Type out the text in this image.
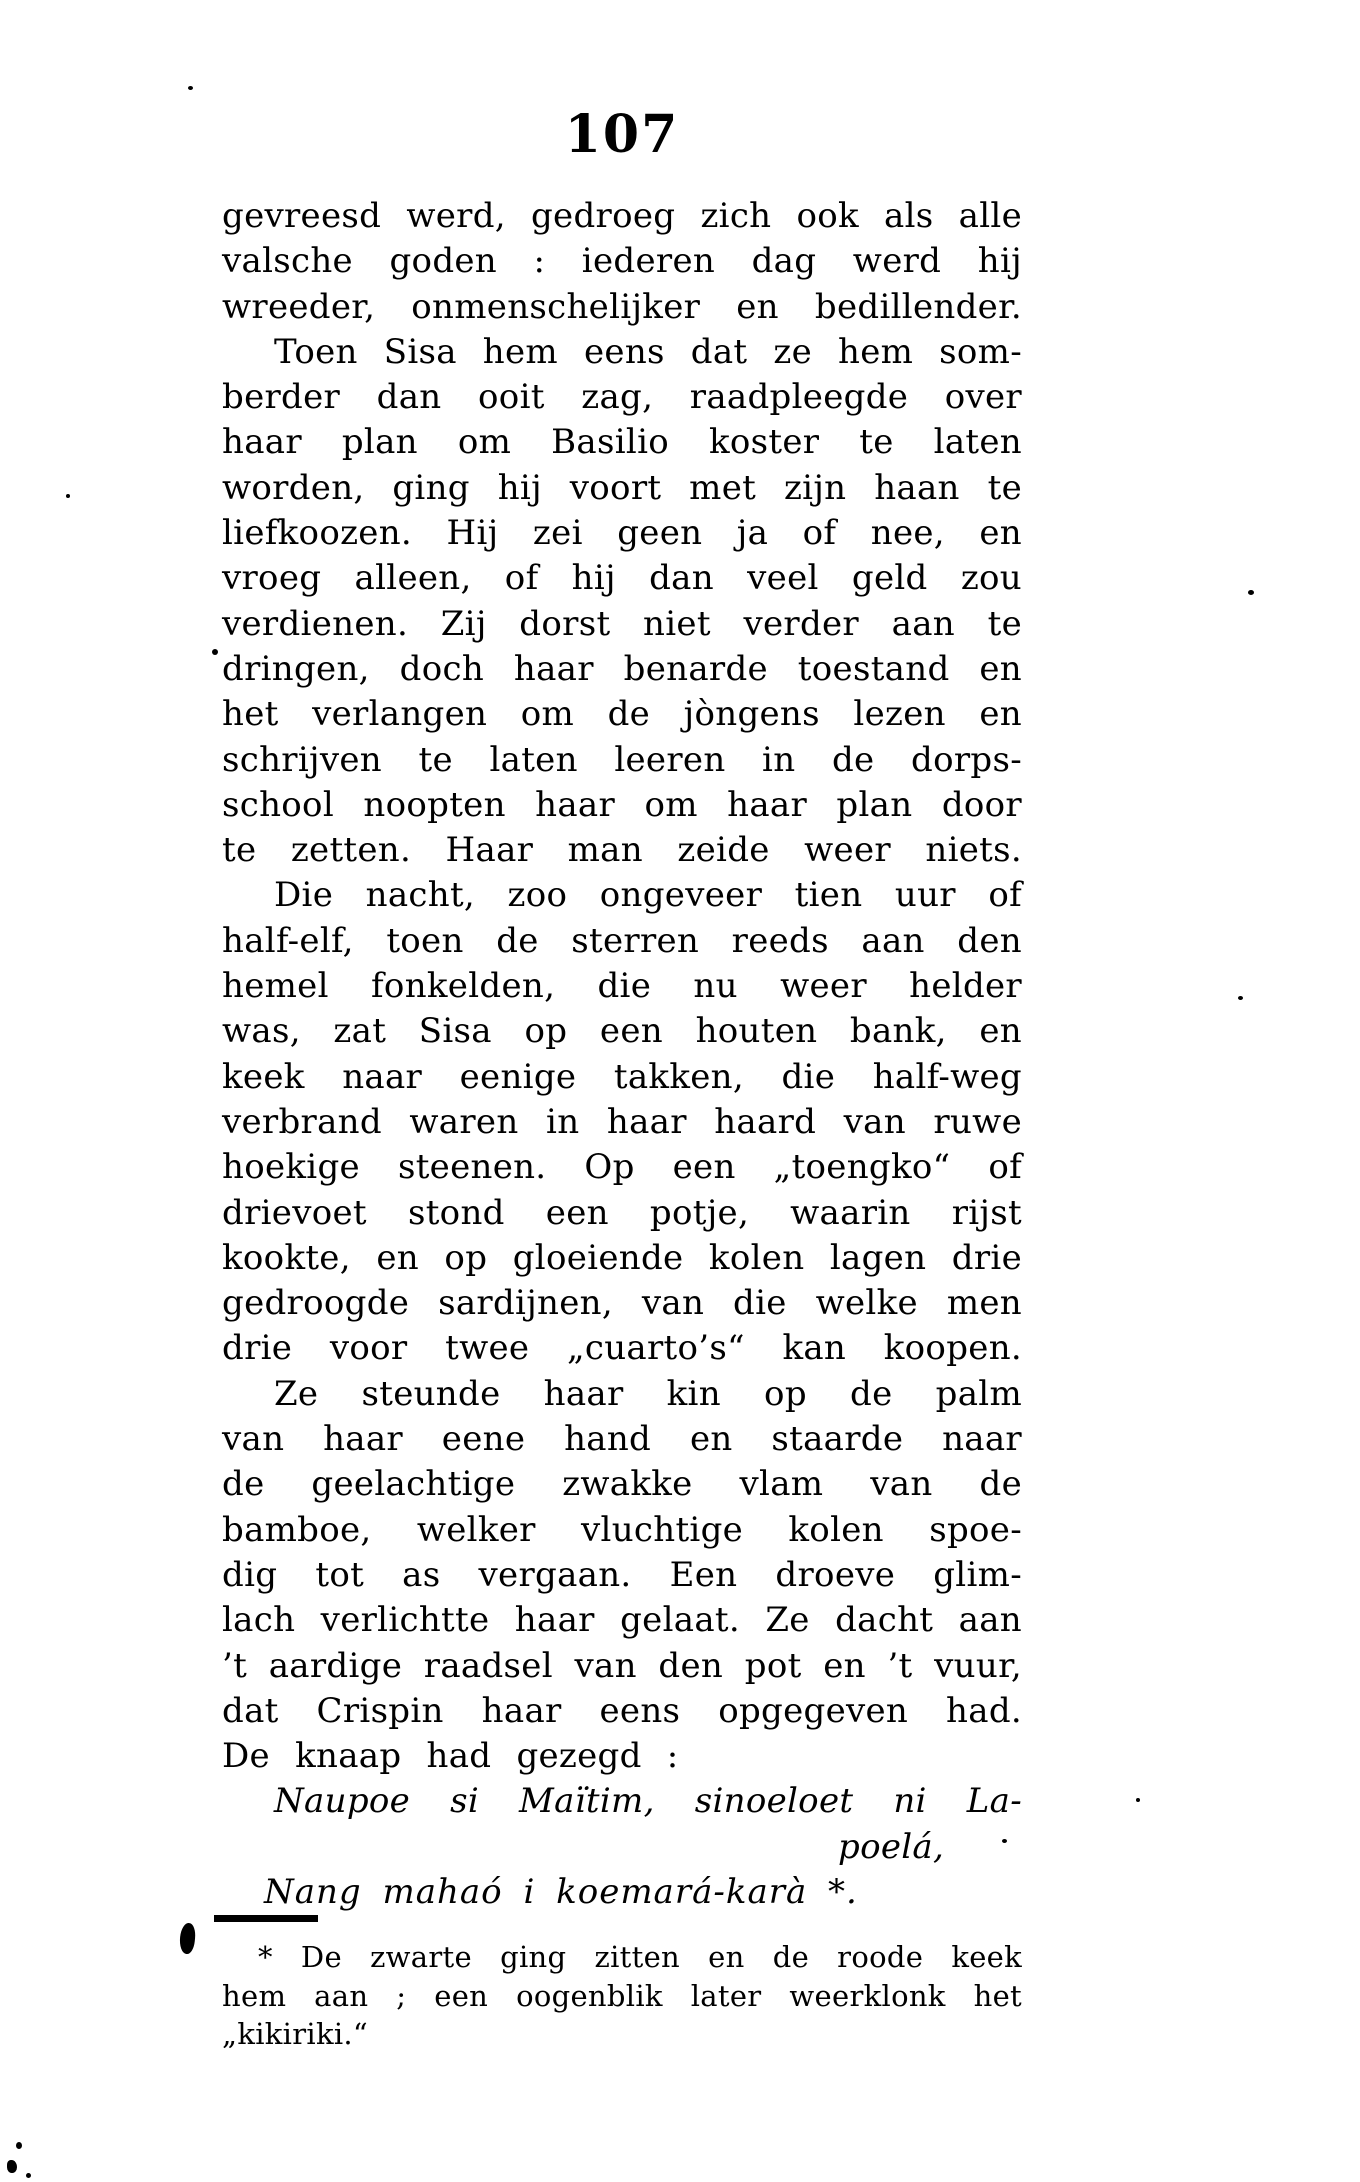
107
gevreesd werd, gedroeg zich ook als alle
valsche goden : iederen dag werd hij
wreeder, onmenschelijker en bedillender.
Toen Sisa hem eens dat ze hem som-
berder dan ooit zag, raadpleegde over
haar plan om Basilio koster te laten
worden, ging hij voort met zijn haan te
liefkoozen. Hij zei geen ja of nee, en
vroeg alleen, of hij dan veel geld zou
verdienen. Zij dorst niet verder aan te
dringen, doch haar benarde toestand en
het verlangen om de jòngens lezen en
schrijven te laten leeren in de dorps-
school noopten haar om haar plan door
te zetten. Haar man zeide weer niets.
Die nacht, zoo ongeveer tien uur of
half-elf, toen de sterren reeds aan den
hemel fonkelden, die nu weer helder
was, zat Sisa op een houten bank, en
keek naar eenige takken, die half-weg
verbrand waren in haar haard van ruwe
hoekige steenen. Op een „toengko“ of
drievoet stond een potje, waarin rijst
kookte, en op gloeiende kolen lagen drie
gedroogde sardijnen, van die welke men
drie voor twee „cuarto’s“ kan koopen.
Ze steunde haar kin op de palm
van haar eene hand en staarde naar
de geelachtige zwakke vlam van de
bamboe, welker vluchtige kolen spoe-
dig tot as vergaan. Een droeve glim-
lach verlichtte haar gelaat. Ze dacht aan
’t aardige raadsel van den pot en ’t vuur,
dat Crispin haar eens opgegeven had.
De knaap had gezegd :
Naupoe si Maïtim, sinoeloet ni La-
poelá,
Nang mahaó i koemará-karà *.
* De zwarte ging zitten en de roode keek
hem aan ; een oogenblik later weerklonk het
„kikiriki.“
